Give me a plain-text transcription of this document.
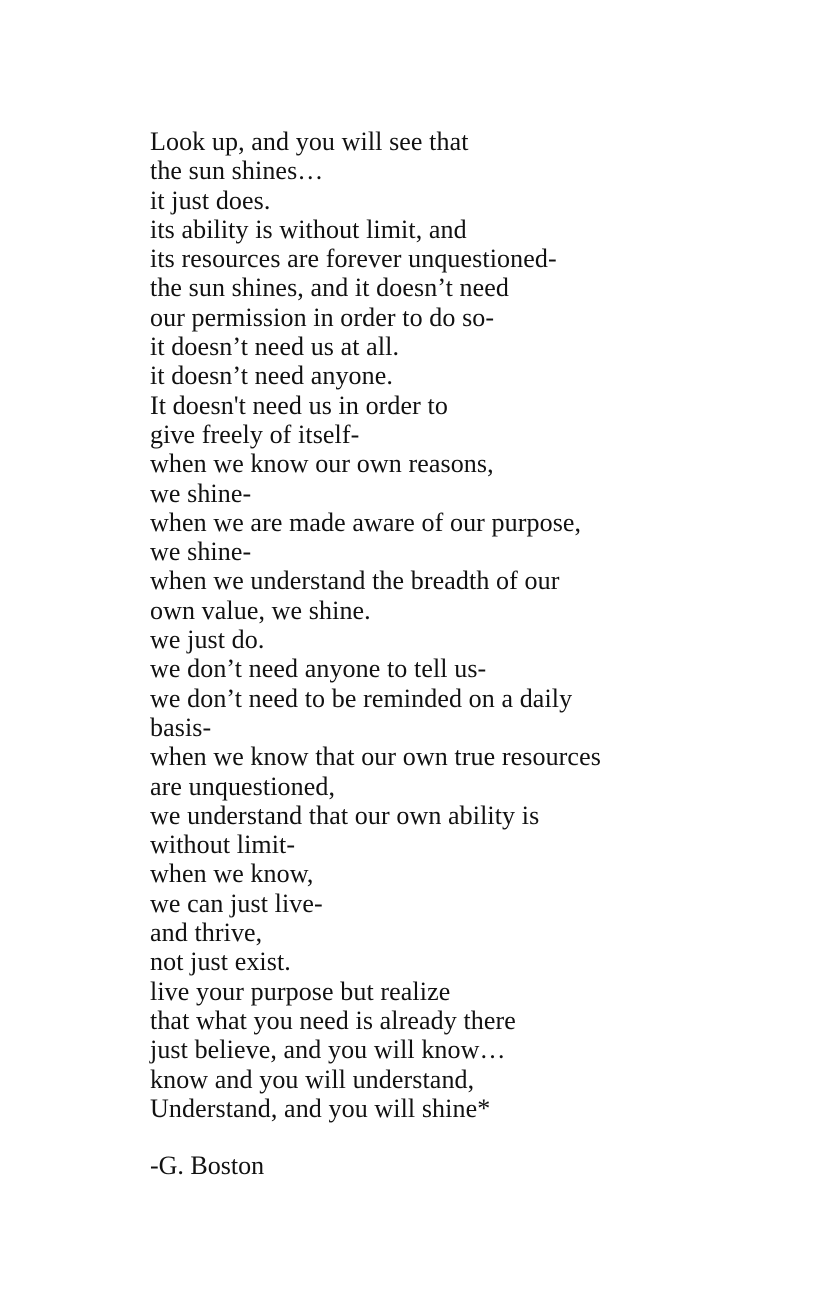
Look up, and you will see that
the sun shines…
it just does.
its ability is without limit, and
its resources are forever unquestioned-
the sun shines, and it doesn’t need
our permission in order to do so-
it doesn’t need us at all.
it doesn’t need anyone.
It doesn't need us in order to
give freely of itself-
when we know our own reasons,
we shine-
when we are made aware of our purpose,
we shine-
when we understand the breadth of our
own value, we shine.
we just do.
we don’t need anyone to tell us-
we don’t need to be reminded on a daily
basis-
when we know that our own true resources
are unquestioned,
we understand that our own ability is
without limit-
when we know,
we can just live-
and thrive,
not just exist.
live your purpose but realize
that what you need is already there
just believe, and you will know…
know and you will understand,
Understand, and you will shine*
-G. Boston
